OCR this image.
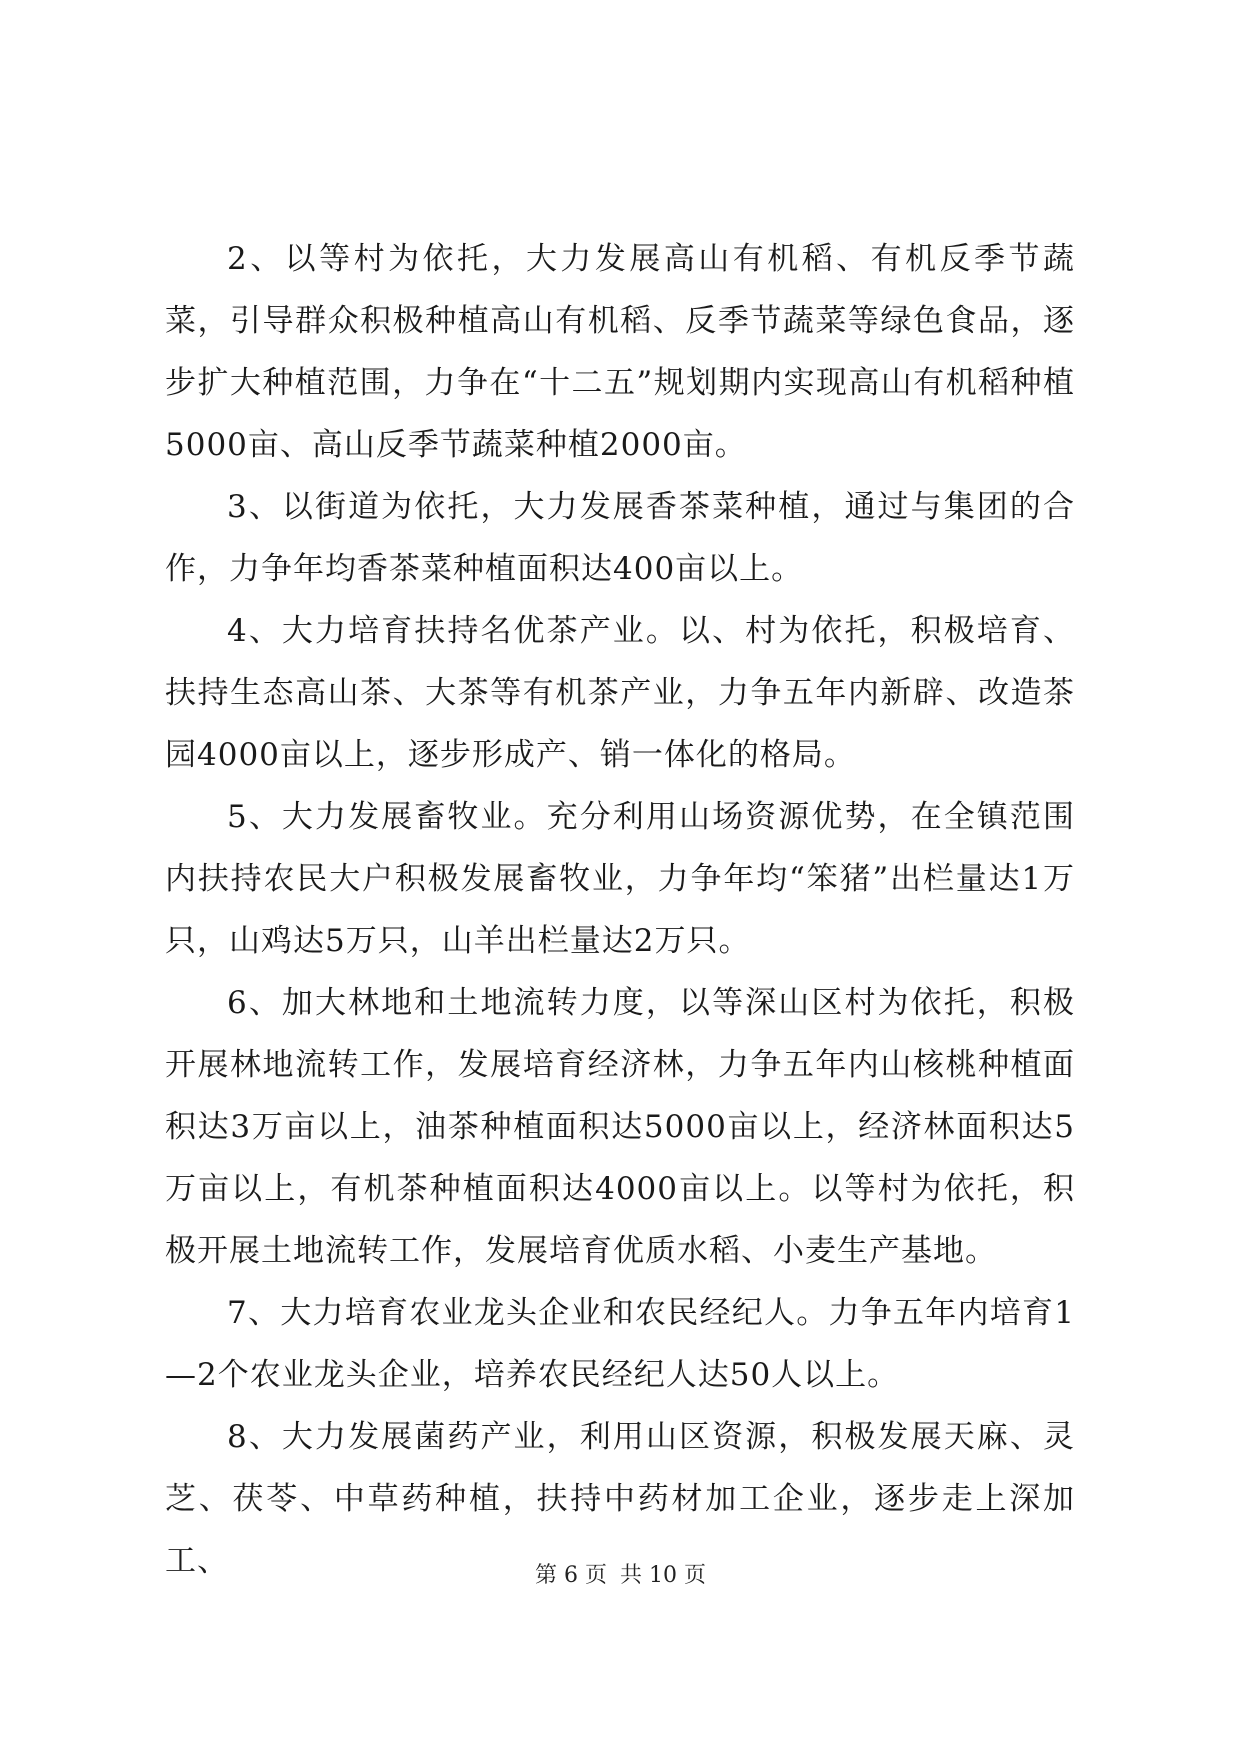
2、以等村为依托，大力发展高山有机稻、有机反季节蔬菜，引导群众积极种植高山有机稻、反季节蔬菜等绿色食品，逐步扩大种植范围，力争在“十二五”规划期内实现高山有机稻种植5000亩、高山反季节蔬菜种植2000亩。

3、以街道为依托，大力发展香茶菜种植，通过与集团的合作，力争年均香茶菜种植面积达400亩以上。

4、大力培育扶持名优茶产业。以、村为依托，积极培育、扶持生态高山茶、大茶等有机茶产业，力争五年内新辟、改造茶园4000亩以上，逐步形成产、销一体化的格局。

5、大力发展畜牧业。充分利用山场资源优势，在全镇范围内扶持农民大户积极发展畜牧业，力争年均“笨猪”出栏量达1万只，山鸡达5万只，山羊出栏量达2万只。

6、加大林地和土地流转力度，以等深山区村为依托，积极开展林地流转工作，发展培育经济林，力争五年内山核桃种植面积达3万亩以上，油茶种植面积达5000亩以上，经济林面积达5万亩以上，有机茶种植面积达4000亩以上。以等村为依托，积极开展土地流转工作，发展培育优质水稻、小麦生产基地。

7、大力培育农业龙头企业和农民经纪人。力争五年内培育1—2个农业龙头企业，培养农民经纪人达50人以上。

8、大力发展菌药产业，利用山区资源，积极发展天麻、灵芝、茯苓、中草药种植，扶持中药材加工企业，逐步走上深加工、	第 6 页 共 10 页
